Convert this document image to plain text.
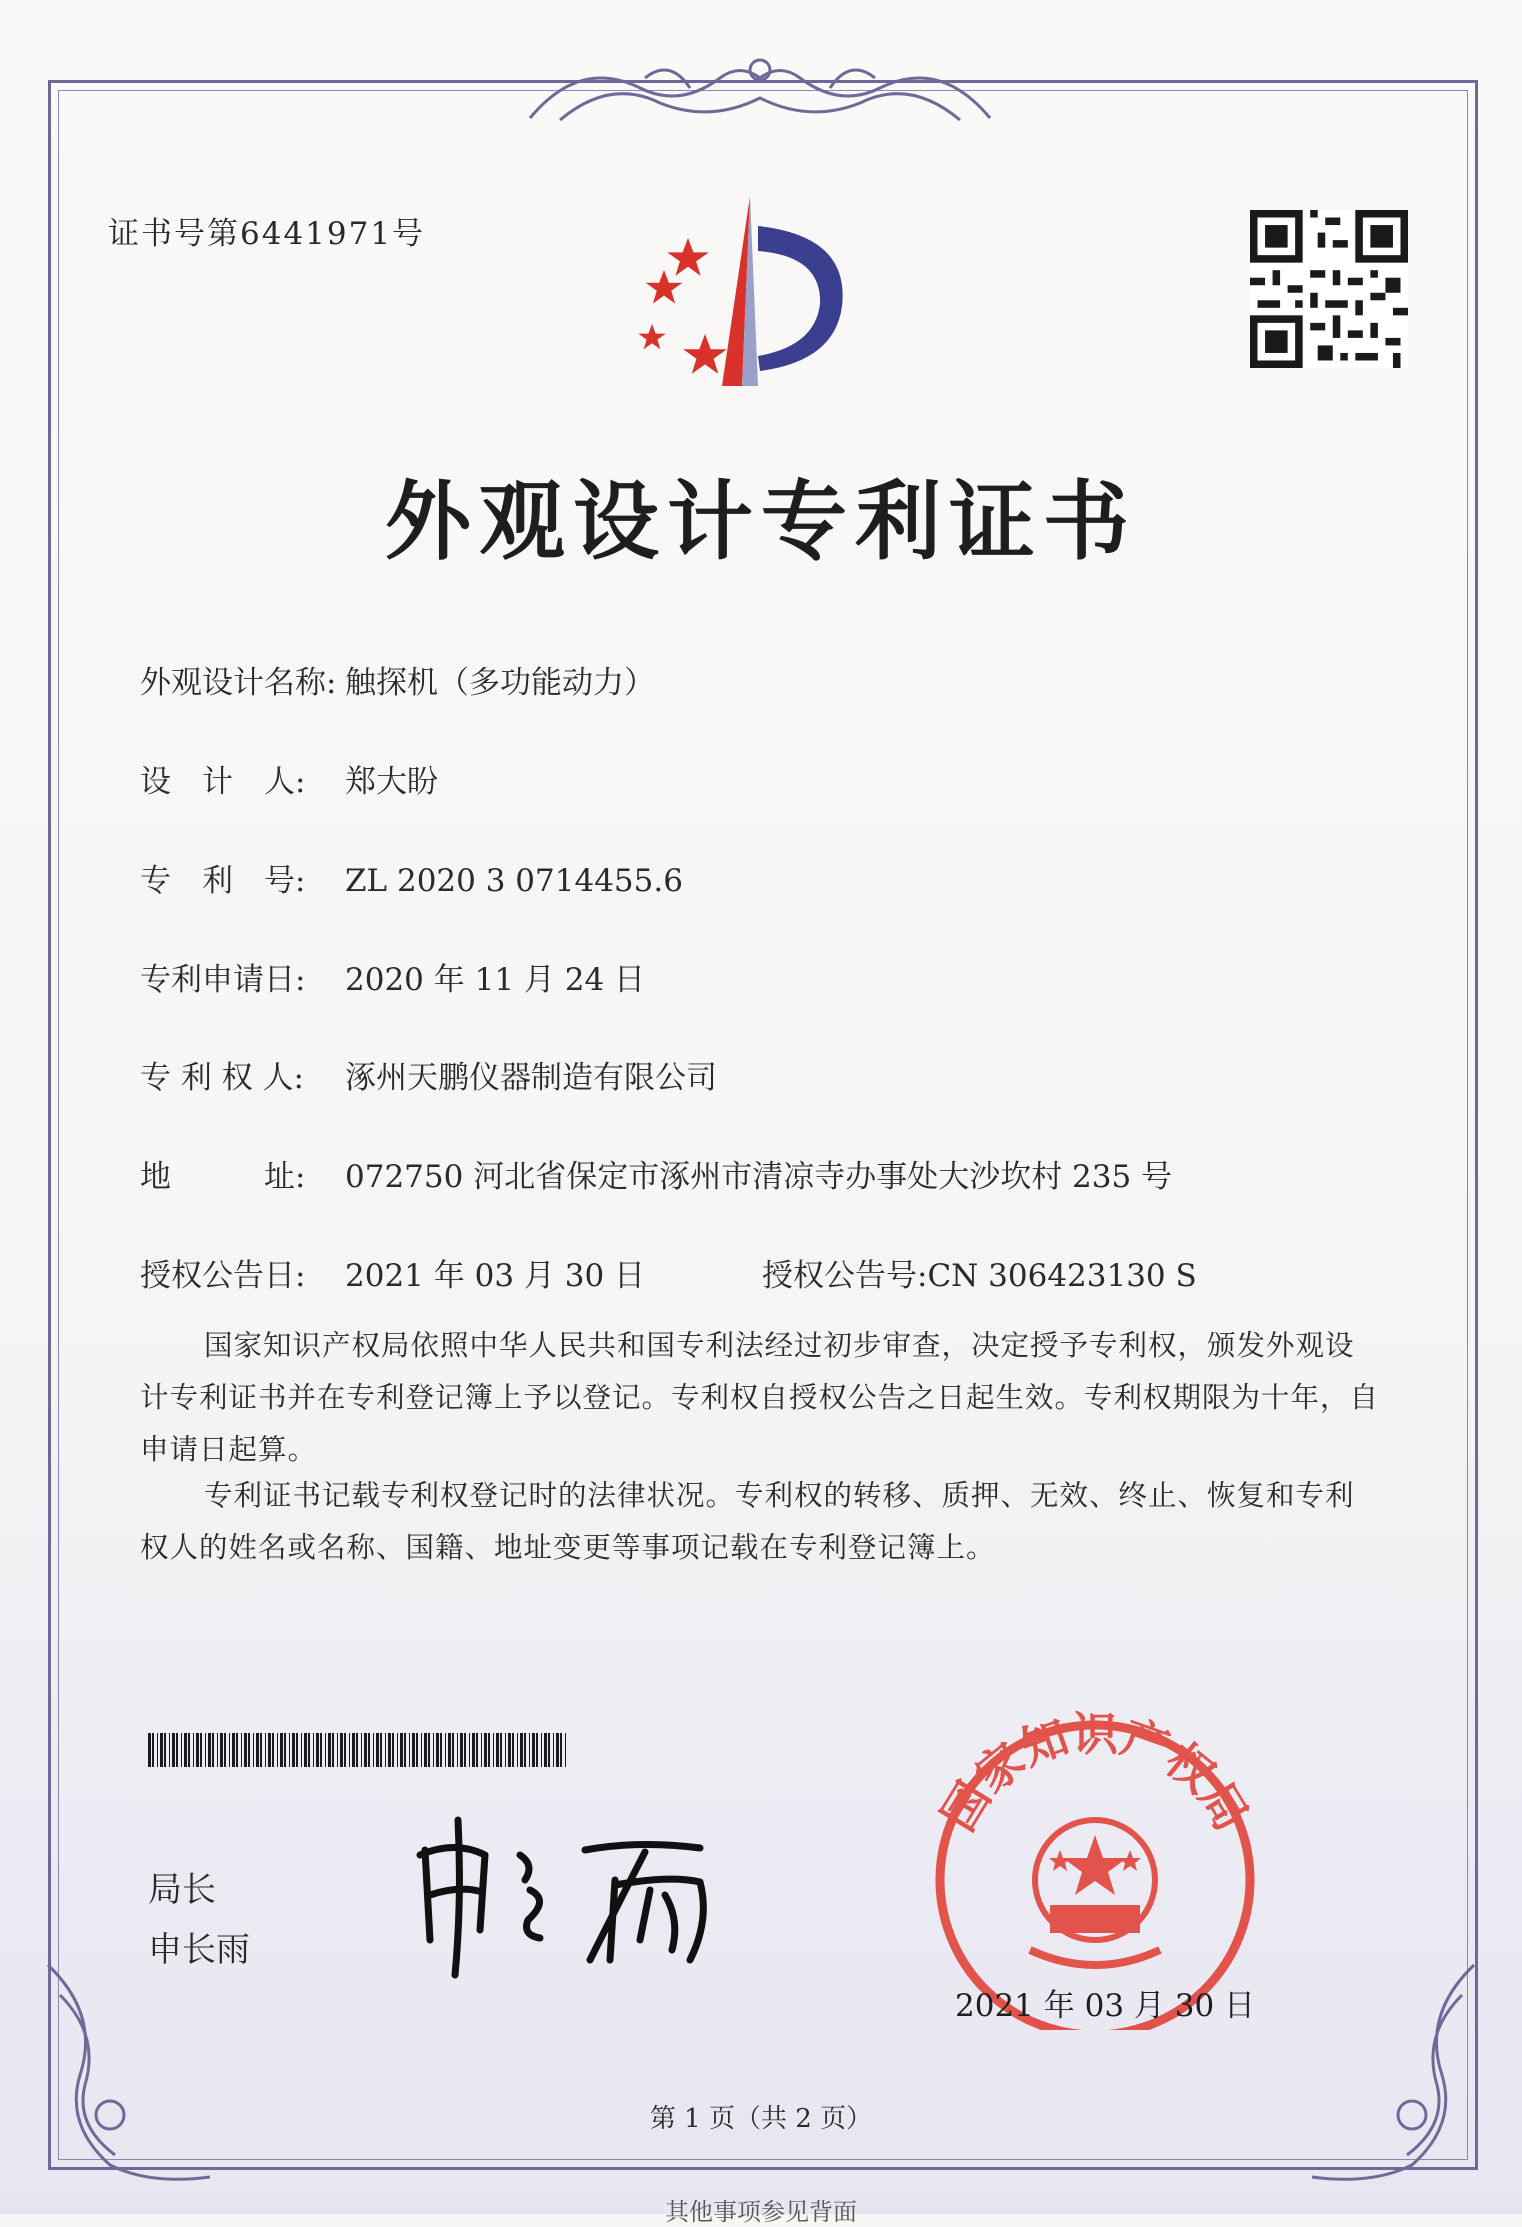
证书号第6441971号
外观设计专利证书
外观设计名称: 触探机（多功能动力）
设　计　人: 郑大盼
专　利　号: ZL 2020 3 0714455.6
专利申请日: 2020 年 11 月 24 日
专 利 权 人: 涿州天鹏仪器制造有限公司
地　　　址: 072750 河北省保定市涿州市清凉寺办事处大沙坎村 235 号
授权公告日: 2021 年 03 月 30 日	授权公告号:CN 306423130 S
国家知识产权局依照中华人民共和国专利法经过初步审查，决定授予专利权，颁发外观设计专利证书并在专利登记簿上予以登记。专利权自授权公告之日起生效。专利权期限为十年，自申请日起算。
专利证书记载专利权登记时的法律状况。专利权的转移、质押、无效、终止、恢复和专利权人的姓名或名称、国籍、地址变更等事项记载在专利登记簿上。
局长
申长雨
国家知识产权局
2021 年 03 月 30 日
第 1 页（共 2 页）
其他事项参见背面
